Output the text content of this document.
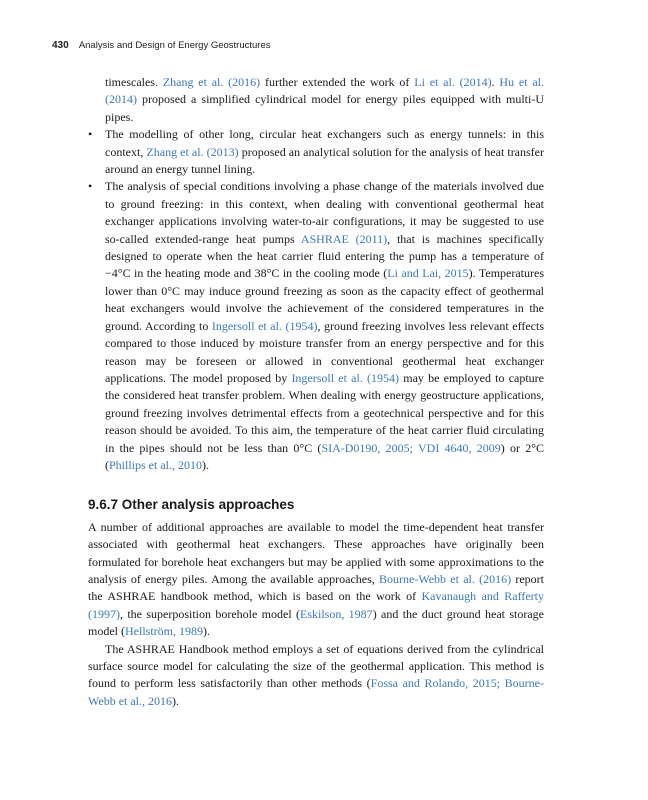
430 Analysis and Design of Energy Geostructures

timescales. Zhang et al. (2016) further extended the work of Li et al. (2014). Hu et al. (2014) proposed a simplified cylindrical model for energy piles equipped with multi-U pipes.

• The modelling of other long, circular heat exchangers such as energy tunnels: in this context, Zhang et al. (2013) proposed an analytical solution for the analysis of heat transfer around an energy tunnel lining.
• The analysis of special conditions involving a phase change of the materials involved due to ground freezing: in this context, when dealing with conventional geothermal heat exchanger applications involving water-to-air configurations, it may be suggested to use so-called extended-range heat pumps ASHRAE (2011), that is machines specifically designed to operate when the heat carrier fluid entering the pump has a temperature of −4°C in the heating mode and 38°C in the cooling mode (Li and Lai, 2015). Temperatures lower than 0°C may induce ground freezing as soon as the capacity effect of geothermal heat exchangers would involve the achievement of the considered temperatures in the ground. According to Ingersoll et al. (1954), ground freezing involves less relevant effects compared to those induced by moisture transfer from an energy perspective and for this reason may be foreseen or allowed in conventional geothermal heat exchanger applications. The model proposed by Ingersoll et al. (1954) may be employed to capture the considered heat transfer problem. When dealing with energy geostructure applications, ground freezing involves detrimental effects from a geotechnical perspective and for this reason should be avoided. To this aim, the temperature of the heat carrier fluid circulating in the pipes should not be less than 0°C (SIA-D0190, 2005; VDI 4640, 2009) or 2°C (Phillips et al., 2010).
9.6.7 Other analysis approaches

A number of additional approaches are available to model the time-dependent heat transfer associated with geothermal heat exchangers. These approaches have originally been formulated for borehole heat exchangers but may be applied with some approximations to the analysis of energy piles. Among the available approaches, Bourne-Webb et al. (2016) report the ASHRAE handbook method, which is based on the work of Kavanaugh and Rafferty (1997), the superposition borehole model (Eskilson, 1987) and the duct ground heat storage model (Hellström, 1989).

The ASHRAE Handbook method employs a set of equations derived from the cylindrical surface source model for calculating the size of the geothermal application. This method is found to perform less satisfactorily than other methods (Fossa and Rolando, 2015; Bourne-Webb et al., 2016).
